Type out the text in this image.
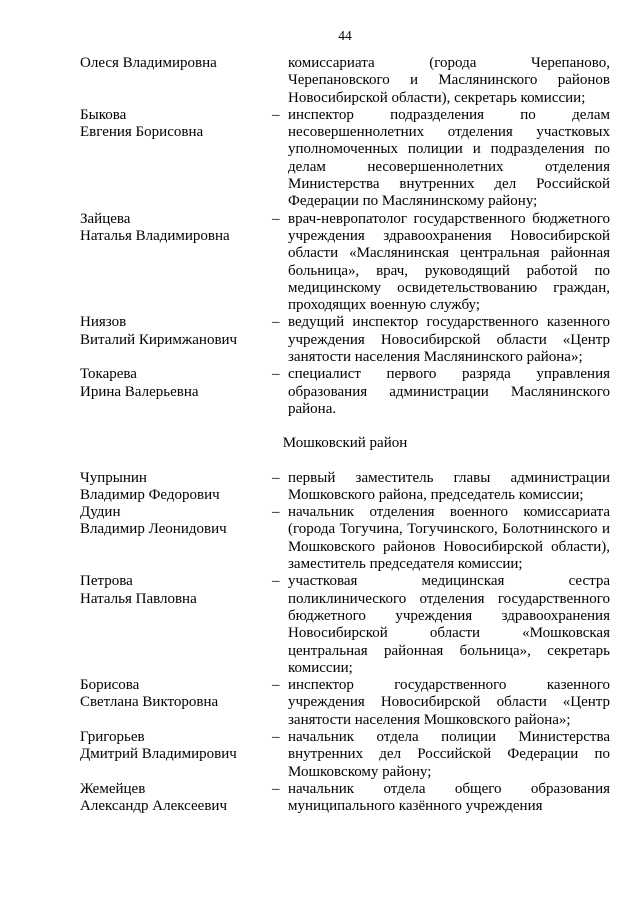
44
Олеся Владимировна	комиссариата (города Черепаново, Черепановского и Маслянинского районов Новосибирской области), секретарь комиссии;
Быкова
Евгения Борисовна
– инспектор подразделения по делам несовершеннолетних отделения участковых уполномоченных полиции и подразделения по делам несовершеннолетних отделения Министерства внутренних дел Российской Федерации по Маслянинскому району;
Зайцева
Наталья Владимировна
– врач-невропатолог государственного бюджетного учреждения здравоохранения Новосибирской области «Маслянинская центральная районная больница», врач, руководящий работой по медицинскому освидетельствованию граждан, проходящих военную службу;
Ниязов
Виталий Киримжанович
– ведущий инспектор государственного казенного учреждения Новосибирской области «Центр занятости населения Маслянинского района»;
Токарева
Ирина Валерьевна
– специалист первого разряда управления образования администрации Маслянинского района.
Мошковский район
Чупрынин
Владимир Федорович
– первый заместитель главы администрации Мошковского района, председатель комиссии;
Дудин
Владимир Леонидович
– начальник отделения военного комиссариата (города Тогучина, Тогучинского, Болотнинского и Мошковского районов Новосибирской области), заместитель председателя комиссии;
Петрова
Наталья Павловна
– участковая медицинская сестра поликлинического отделения государственного бюджетного учреждения здравоохранения Новосибирской области «Мошковская центральная районная больница», секретарь комиссии;
Борисова
Светлана Викторовна
– инспектор государственного казенного учреждения Новосибирской области «Центр занятости населения Мошковского района»;
Григорьев
Дмитрий Владимирович
– начальник отдела полиции Министерства внутренних дел Российской Федерации по Мошковскому району;
Жемейцев
Александр Алексеевич
– начальник отдела общего образования муниципального казённого учреждения
